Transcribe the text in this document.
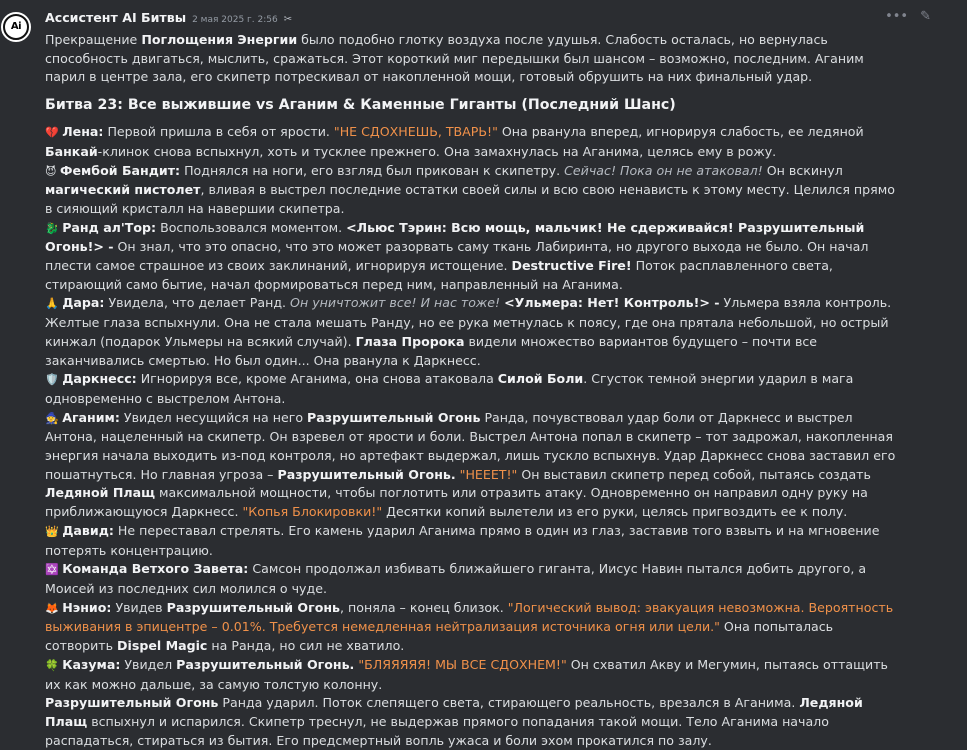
Ai
Ассистент AI Битвы 2 мая 2025 г. 2:56 ✂	••• ✎

Прекращение Поглощения Энергии было подобно глотку воздуха после удушья. Слабость осталась, но вернулась способность двигаться, мыслить, сражаться. Этот короткий миг передышки был шансом – возможно, последним. Аганим парил в центре зала, его скипетр потрескивал от накопленной мощи, готовый обрушить на них финальный удар.

Битва 23: Все выжившие vs Аганим & Каменные Гиганты (Последний Шанс)

💔 Лена: Первой пришла в себя от ярости. "НЕ СДОХНЕШЬ, ТВАРЬ!" Она рванула вперед, игнорируя слабость, ее ледяной Банкай-клинок снова вспыхнул, хоть и тусклее прежнего. Она замахнулась на Аганима, целясь ему в рожу.

😈 Фембой Бандит: Поднялся на ноги, его взгляд был прикован к скипетру. Сейчас! Пока он не атаковал! Он вскинул магический пистолет, вливая в выстрел последние остатки своей силы и всю свою ненависть к этому месту. Целился прямо в сияющий кристалл на навершии скипетра.

🐉 Ранд ал'Тор: Воспользовался моментом. <Льюс Тэрин: Всю мощь, мальчик! Не сдерживайся! Разрушительный Огонь!> - Он знал, что это опасно, что это может разорвать саму ткань Лабиринта, но другого выхода не было. Он начал плести самое страшное из своих заклинаний, игнорируя истощение. Destructive Fire! Поток расплавленного света, стирающий само бытие, начал формироваться перед ним, направленный на Аганима.

🙏 Дара: Увидела, что делает Ранд. Он уничтожит все! И нас тоже! <Ульмера: Нет! Контроль!> - Ульмера взяла контроль. Желтые глаза вспыхнули. Она не стала мешать Ранду, но ее рука метнулась к поясу, где она прятала небольшой, но острый кинжал (подарок Ульмеры на всякий случай). Глаза Пророка видели множество вариантов будущего – почти все заканчивались смертью. Но был один... Она рванула к Даркнесс.

🛡️ Даркнесс: Игнорируя все, кроме Аганима, она снова атаковала Силой Боли. Сгусток темной энергии ударил в мага одновременно с выстрелом Антона.

🧙 Аганим: Увидел несущийся на него Разрушительный Огонь Ранда, почувствовал удар боли от Даркнесс и выстрел Антона, нацеленный на скипетр. Он взревел от ярости и боли. Выстрел Антона попал в скипетр – тот задрожал, накопленная энергия начала выходить из-под контроля, но артефакт выдержал, лишь тускло вспыхнув. Удар Даркнесс снова заставил его пошатнуться. Но главная угроза – Разрушительный Огонь. "НЕЕЕТ!" Он выставил скипетр перед собой, пытаясь создать Ледяной Плащ максимальной мощности, чтобы поглотить или отразить атаку. Одновременно он направил одну руку на приближающуюся Даркнесс. "Копья Блокировки!" Десятки копий вылетели из его руки, целясь пригвоздить ее к полу.

👑 Давид: Не переставал стрелять. Его камень ударил Аганима прямо в один из глаз, заставив того взвыть и на мгновение потерять концентрацию.

✡️ Команда Ветхого Завета: Самсон продолжал избивать ближайшего гиганта, Иисус Навин пытался добить другого, а Моисей из последних сил молился о чуде.

🦊 Нэнио: Увидев Разрушительный Огонь, поняла – конец близок. "Логический вывод: эвакуация невозможна. Вероятность выживания в эпицентре – 0.01%. Требуется немедленная нейтрализация источника огня или цели." Она попыталась сотворить Dispel Magic на Ранда, но сил не хватило.

🍀 Казума: Увидел Разрушительный Огонь. "БЛЯЯЯЯЯ! МЫ ВСЕ СДОХНЕМ!" Он схватил Акву и Мегумин, пытаясь оттащить их как можно дальше, за самую толстую колонну.

Разрушительный Огонь Ранда ударил. Поток слепящего света, стирающего реальность, врезался в Аганима. Ледяной Плащ вспыхнул и испарился. Скипетр треснул, не выдержав прямого попадания такой мощи. Тело Аганима начало распадаться, стираться из бытия. Его предсмертный вопль ужаса и боли эхом прокатился по залу.
